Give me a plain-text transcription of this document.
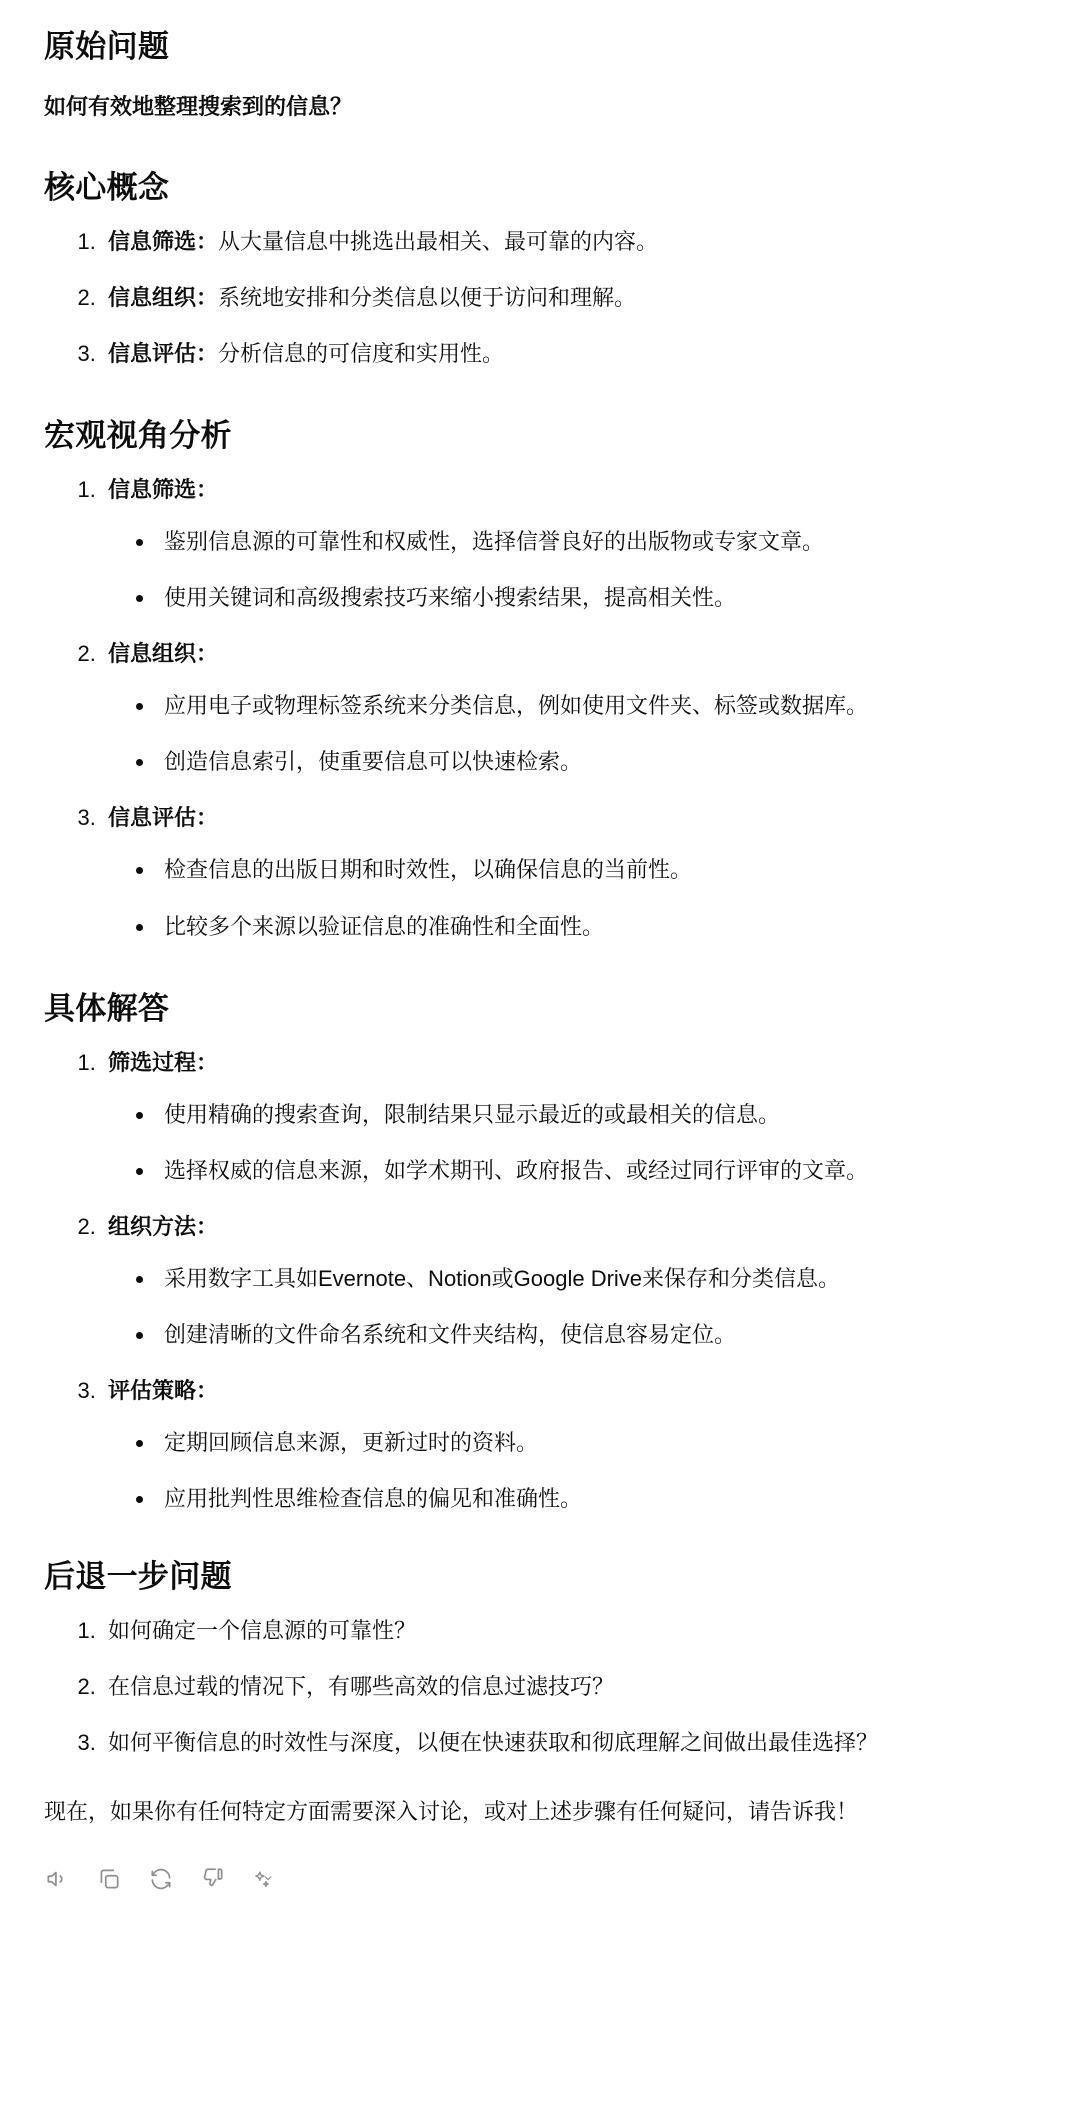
原始问题

如何有效地整理搜索到的信息？

核心概念
1. 信息筛选：从大量信息中挑选出最相关、最可靠的内容。
2. 信息组织：系统地安排和分类信息以便于访问和理解。
3. 信息评估：分析信息的可信度和实用性。
宏观视角分析
1. 信息筛选：
• 鉴别信息源的可靠性和权威性，选择信誉良好的出版物或专家文章。
• 使用关键词和高级搜索技巧来缩小搜索结果，提高相关性。
2. 信息组织：
• 应用电子或物理标签系统来分类信息，例如使用文件夹、标签或数据库。
• 创造信息索引，使重要信息可以快速检索。
3. 信息评估：
• 检查信息的出版日期和时效性，以确保信息的当前性。
• 比较多个来源以验证信息的准确性和全面性。
具体解答
1. 筛选过程：
• 使用精确的搜索查询，限制结果只显示最近的或最相关的信息。
• 选择权威的信息来源，如学术期刊、政府报告、或经过同行评审的文章。
2. 组织方法：
• 采用数字工具如Evernote、Notion或Google Drive来保存和分类信息。
• 创建清晰的文件命名系统和文件夹结构，使信息容易定位。
3. 评估策略：
• 定期回顾信息来源，更新过时的资料。
• 应用批判性思维检查信息的偏见和准确性。
后退一步问题
1. 如何确定一个信息源的可靠性？
2. 在信息过载的情况下，有哪些高效的信息过滤技巧？
3. 如何平衡信息的时效性与深度，以便在快速获取和彻底理解之间做出最佳选择？

现在，如果你有任何特定方面需要深入讨论，或对上述步骤有任何疑问，请告诉我！
